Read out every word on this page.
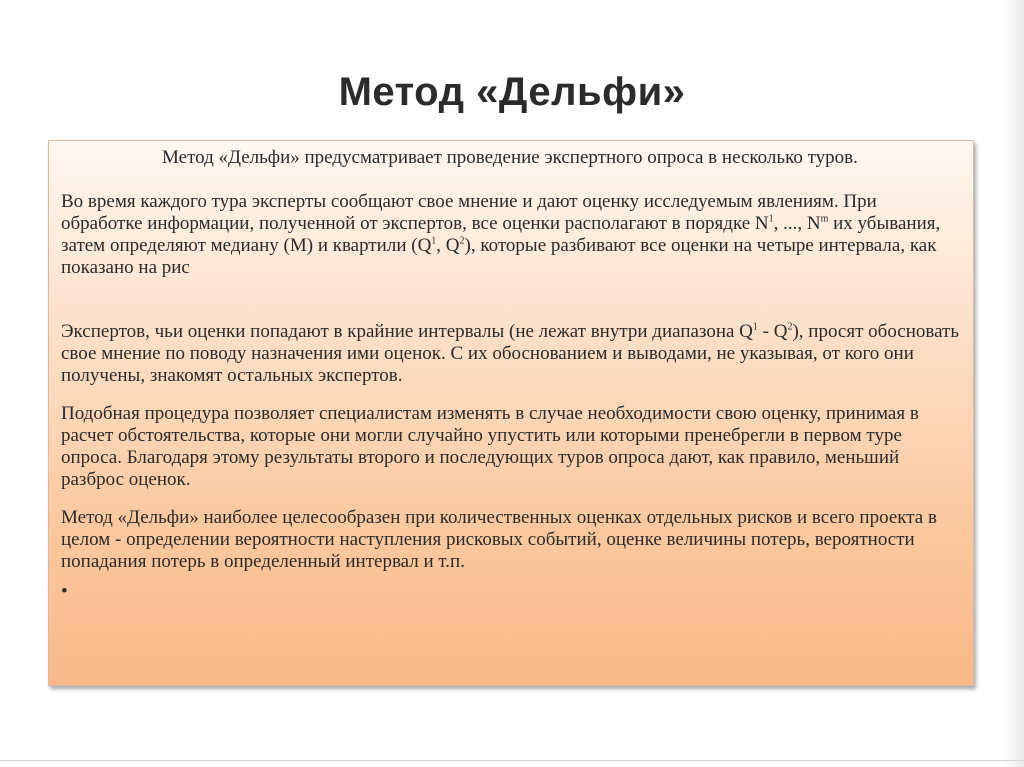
Метод «Дельфи»

Метод «Дельфи» предусматривает проведение экспертного опроса в несколько туров.

Во время каждого тура эксперты сообщают свое мнение и дают оценку исследуемым явлениям. При обработке информации, полученной от экспертов, все оценки располагают в порядке $N^1$, ..., $N^m$ их убывания, затем определяют медиану (M) и квартили ($Q^1$, $Q^2$), которые разбивают все оценки на четыре интервала, как показано на рис

Экспертов, чьи оценки попадают в крайние интервалы (не лежат внутри диапазона $Q^1 - Q^2$), просят обосновать свое мнение по поводу назначения ими оценок. С их обоснованием и выводами, не указывая, от кого они получены, знакомят остальных экспертов.

Подобная процедура позволяет специалистам изменять в случае необходимости свою оценку, принимая в расчет обстоятельства, которые они могли случайно упустить или которыми пренебрегли в первом туре опроса. Благодаря этому результаты второго и последующих туров опроса дают, как правило, меньший разброс оценок.

Метод «Дельфи» наиболее целесообразен при количественных оценках отдельных рисков и всего проекта в целом - определении вероятности наступления рисковых событий, оценке величины потерь, вероятности попадания потерь в определенный интервал и т.п.

•
